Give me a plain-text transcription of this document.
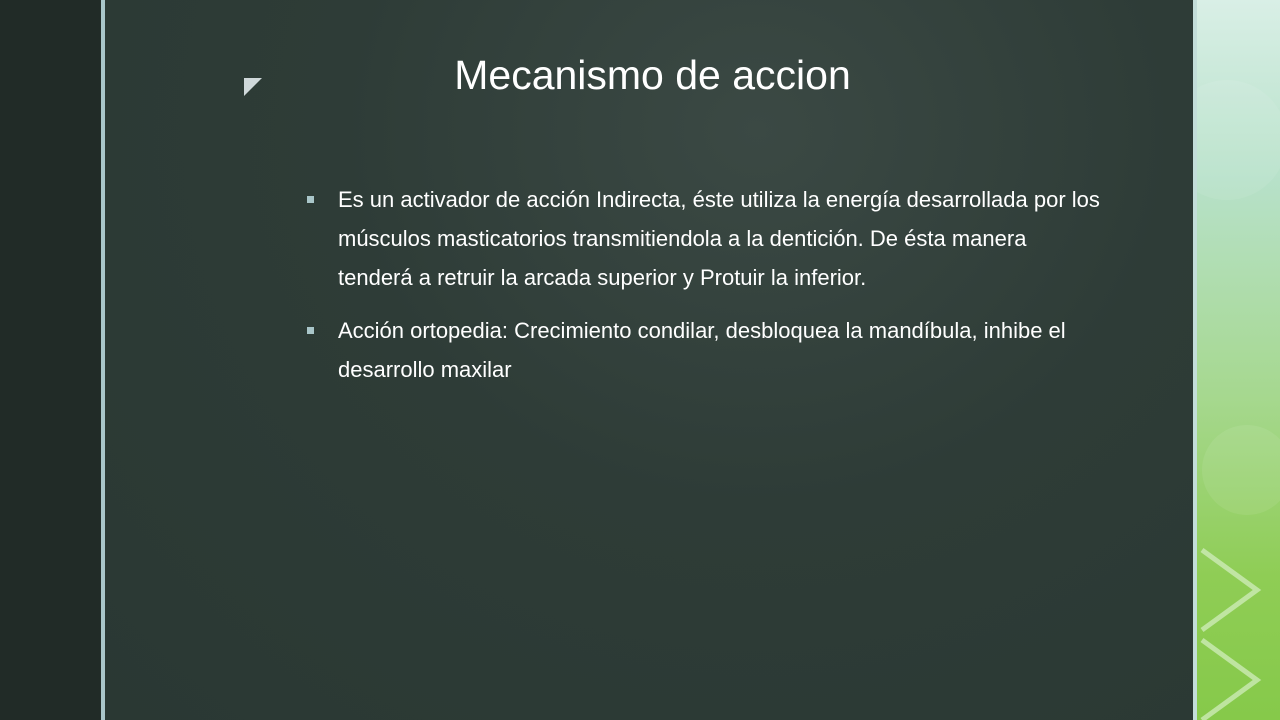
Mecanismo de accion
Es un activador de acción Indirecta, éste utiliza la energía desarrollada por los músculos masticatorios transmitiendola a la dentición. De ésta manera tenderá a retruir la arcada superior y Protuir la inferior.
Acción ortopedia: Crecimiento condilar, desbloquea la mandíbula, inhibe el desarrollo maxilar
